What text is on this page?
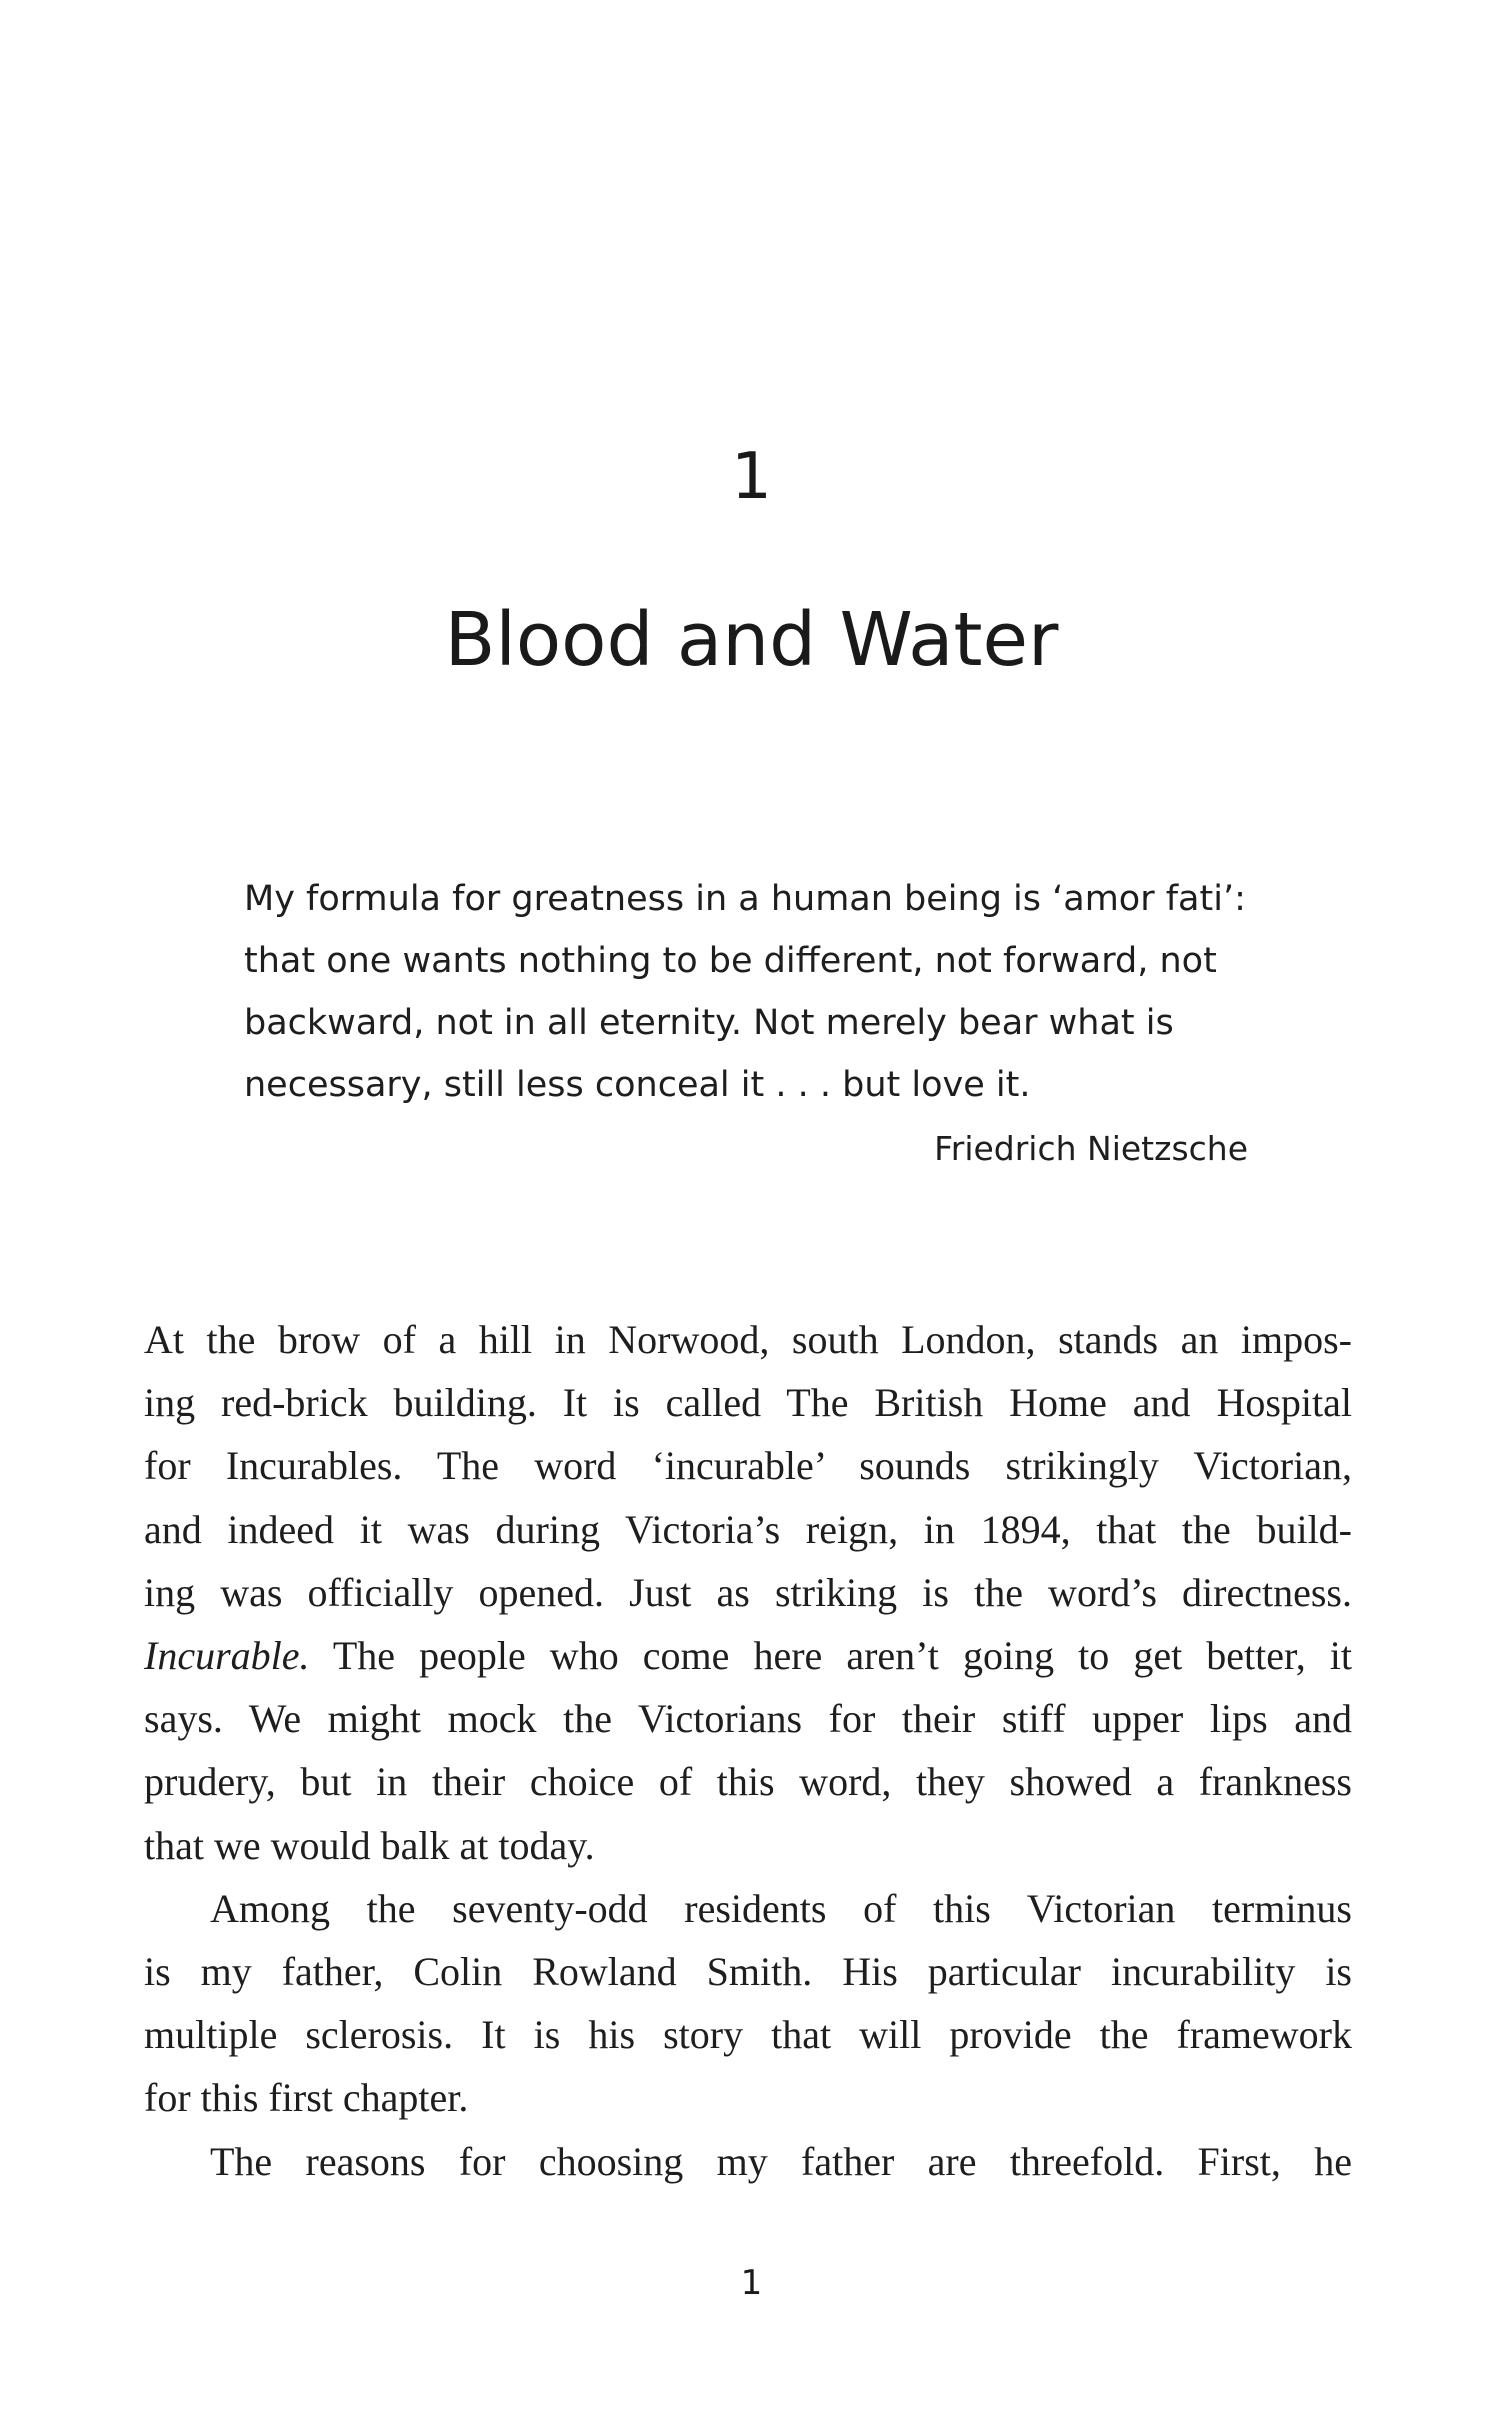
1
Blood and Water

My formula for greatness in a human being is ‘amor fati’:

that one wants nothing to be different, not forward, not

backward, not in all eternity. Not merely bear what is

necessary, still less conceal it . . . but love it.

Friedrich Nietzsche
At the brow of a hill in Norwood, south London, stands an impos-
ing red-brick building. It is called The British Home and Hospital
for Incurables. The word ‘incurable’ sounds strikingly Victorian,
and indeed it was during Victoria’s reign, in 1894, that the build-
ing was officially opened. Just as striking is the word’s directness.
Incurable. The people who come here aren’t going to get better, it
says. We might mock the Victorians for their stiff upper lips and
prudery, but in their choice of this word, they showed a frankness
that we would balk at today.
Among the seventy-odd residents of this Victorian terminus
is my father, Colin Rowland Smith. His particular incurability is
multiple sclerosis. It is his story that will provide the framework
for this first chapter.
The reasons for choosing my father are threefold. First, he
1
